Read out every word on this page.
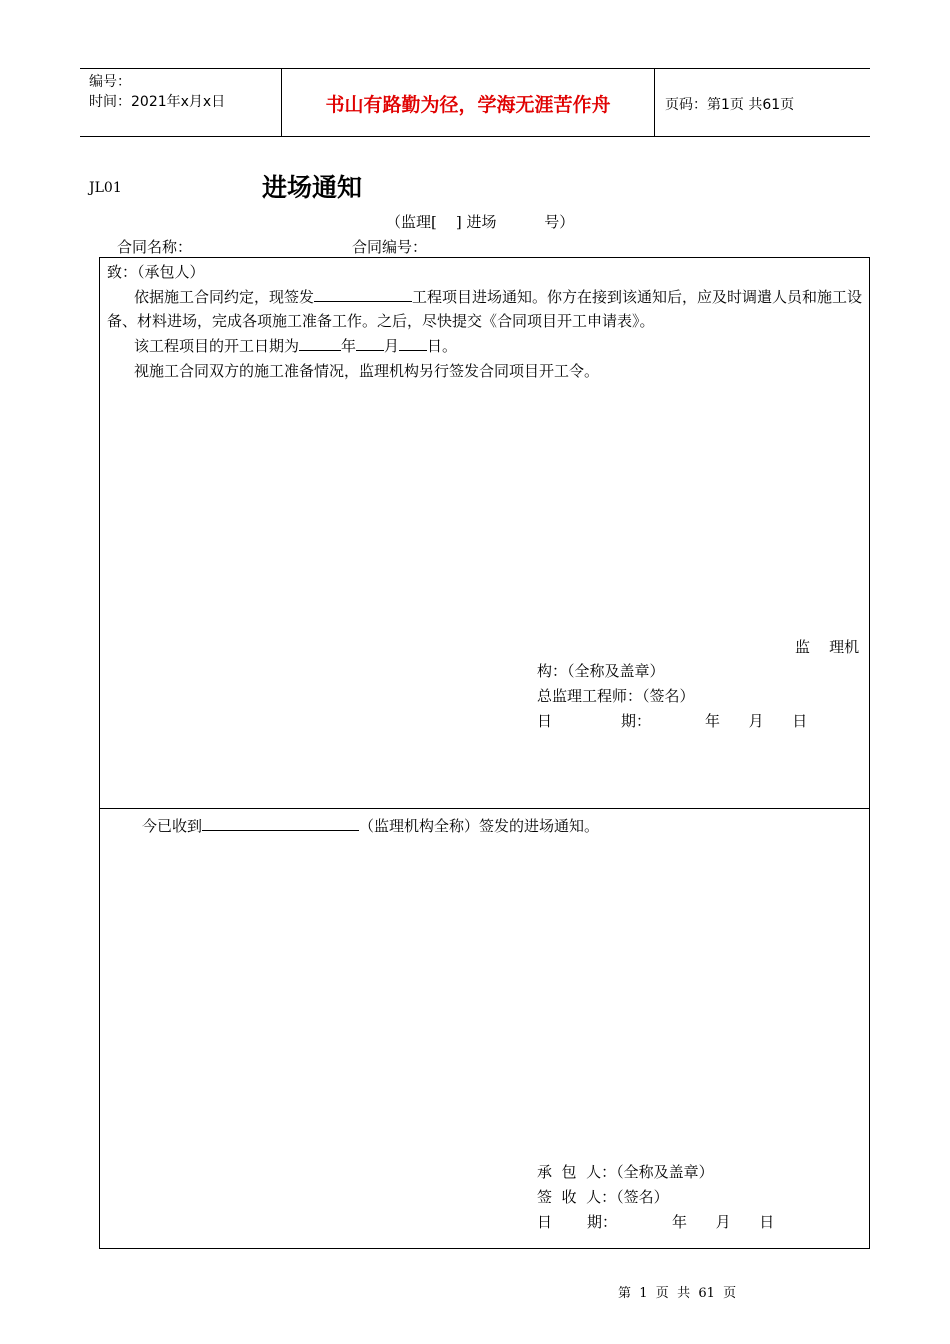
编号：
时间：2021年x月x日	书山有路勤为径，学海无涯苦作舟	页码：第1页 共61页
JL01	进场通知
（监理[    ] 进场          号）
合同名称：	合同编号：
致：（承包人）
依据施工合同约定，现签发	工程项目进场通知。你方在接到该通知后，应及时调遣人员和施工设备、材料进场，完成各项施工准备工作。之后，尽快提交《合同项目开工申请表》。
该工程项目的开工日期为	年 月 日。
视施工合同双方的施工准备情况，监理机构另行签发合同项目开工令。
监    理机
构：（全称及盖章）
总监理工程师：（签名）
日	期：	年      月      日
今已收到	（监理机构全称）签发的进场通知。
承  包  人：（全称及盖章）
签  收  人：（签名）
日 期：	年      月      日
第  1  页  共  61  页
